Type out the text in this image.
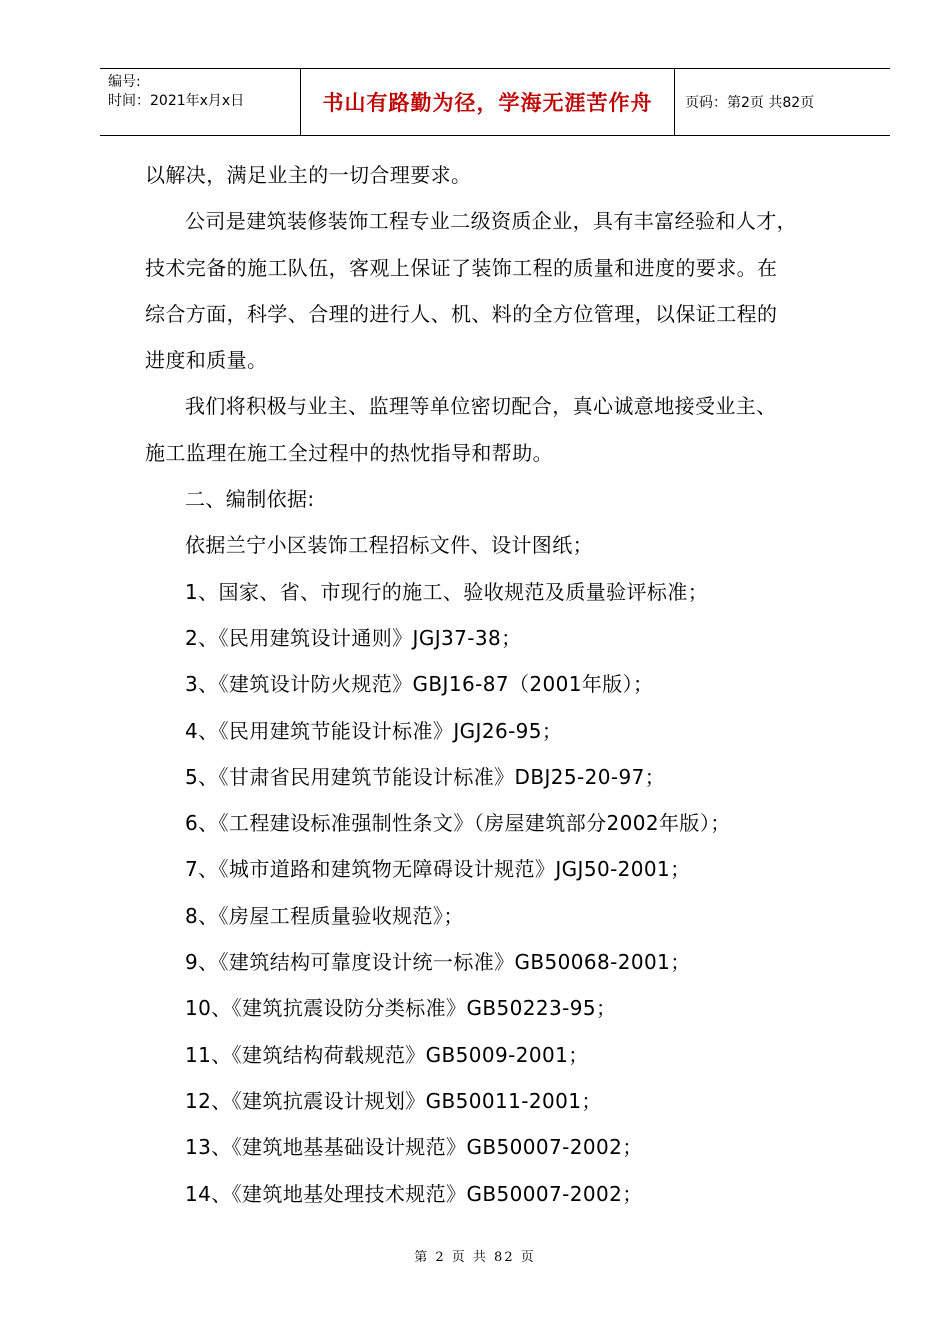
编号:
时间：2021年x月x日	书山有路勤为径，学海无涯苦作舟	页码：第2页 共82页

以解决，满足业主的一切合理要求。

公司是建筑装修装饰工程专业二级资质企业，具有丰富经验和人才，

技术完备的施工队伍，客观上保证了装饰工程的质量和进度的要求。在

综合方面，科学、合理的进行人、机、料的全方位管理，以保证工程的

进度和质量。

我们将积极与业主、监理等单位密切配合，真心诚意地接受业主、

施工监理在施工全过程中的热忱指导和帮助。

二、编制依据:

依据兰宁小区装饰工程招标文件、设计图纸；

1、国家、省、市现行的施工、验收规范及质量验评标准；

2、《民用建筑设计通则》JGJ37-38；

3、《建筑设计防火规范》GBJ16-87（2001年版）；

4、《民用建筑节能设计标准》JGJ26-95；

5、《甘肃省民用建筑节能设计标准》DBJ25-20-97；

6、《工程建设标准强制性条文》（房屋建筑部分2002年版）；

7、《城市道路和建筑物无障碍设计规范》JGJ50-2001；

8、《房屋工程质量验收规范》；

9、《建筑结构可靠度设计统一标准》GB50068-2001；

10、《建筑抗震设防分类标准》GB50223-95；

11、《建筑结构荷载规范》GB5009-2001；

12、《建筑抗震设计规划》GB50011-2001；

13、《建筑地基基础设计规范》GB50007-2002；

14、《建筑地基处理技术规范》GB50007-2002；

第 2 页 共 82 页
